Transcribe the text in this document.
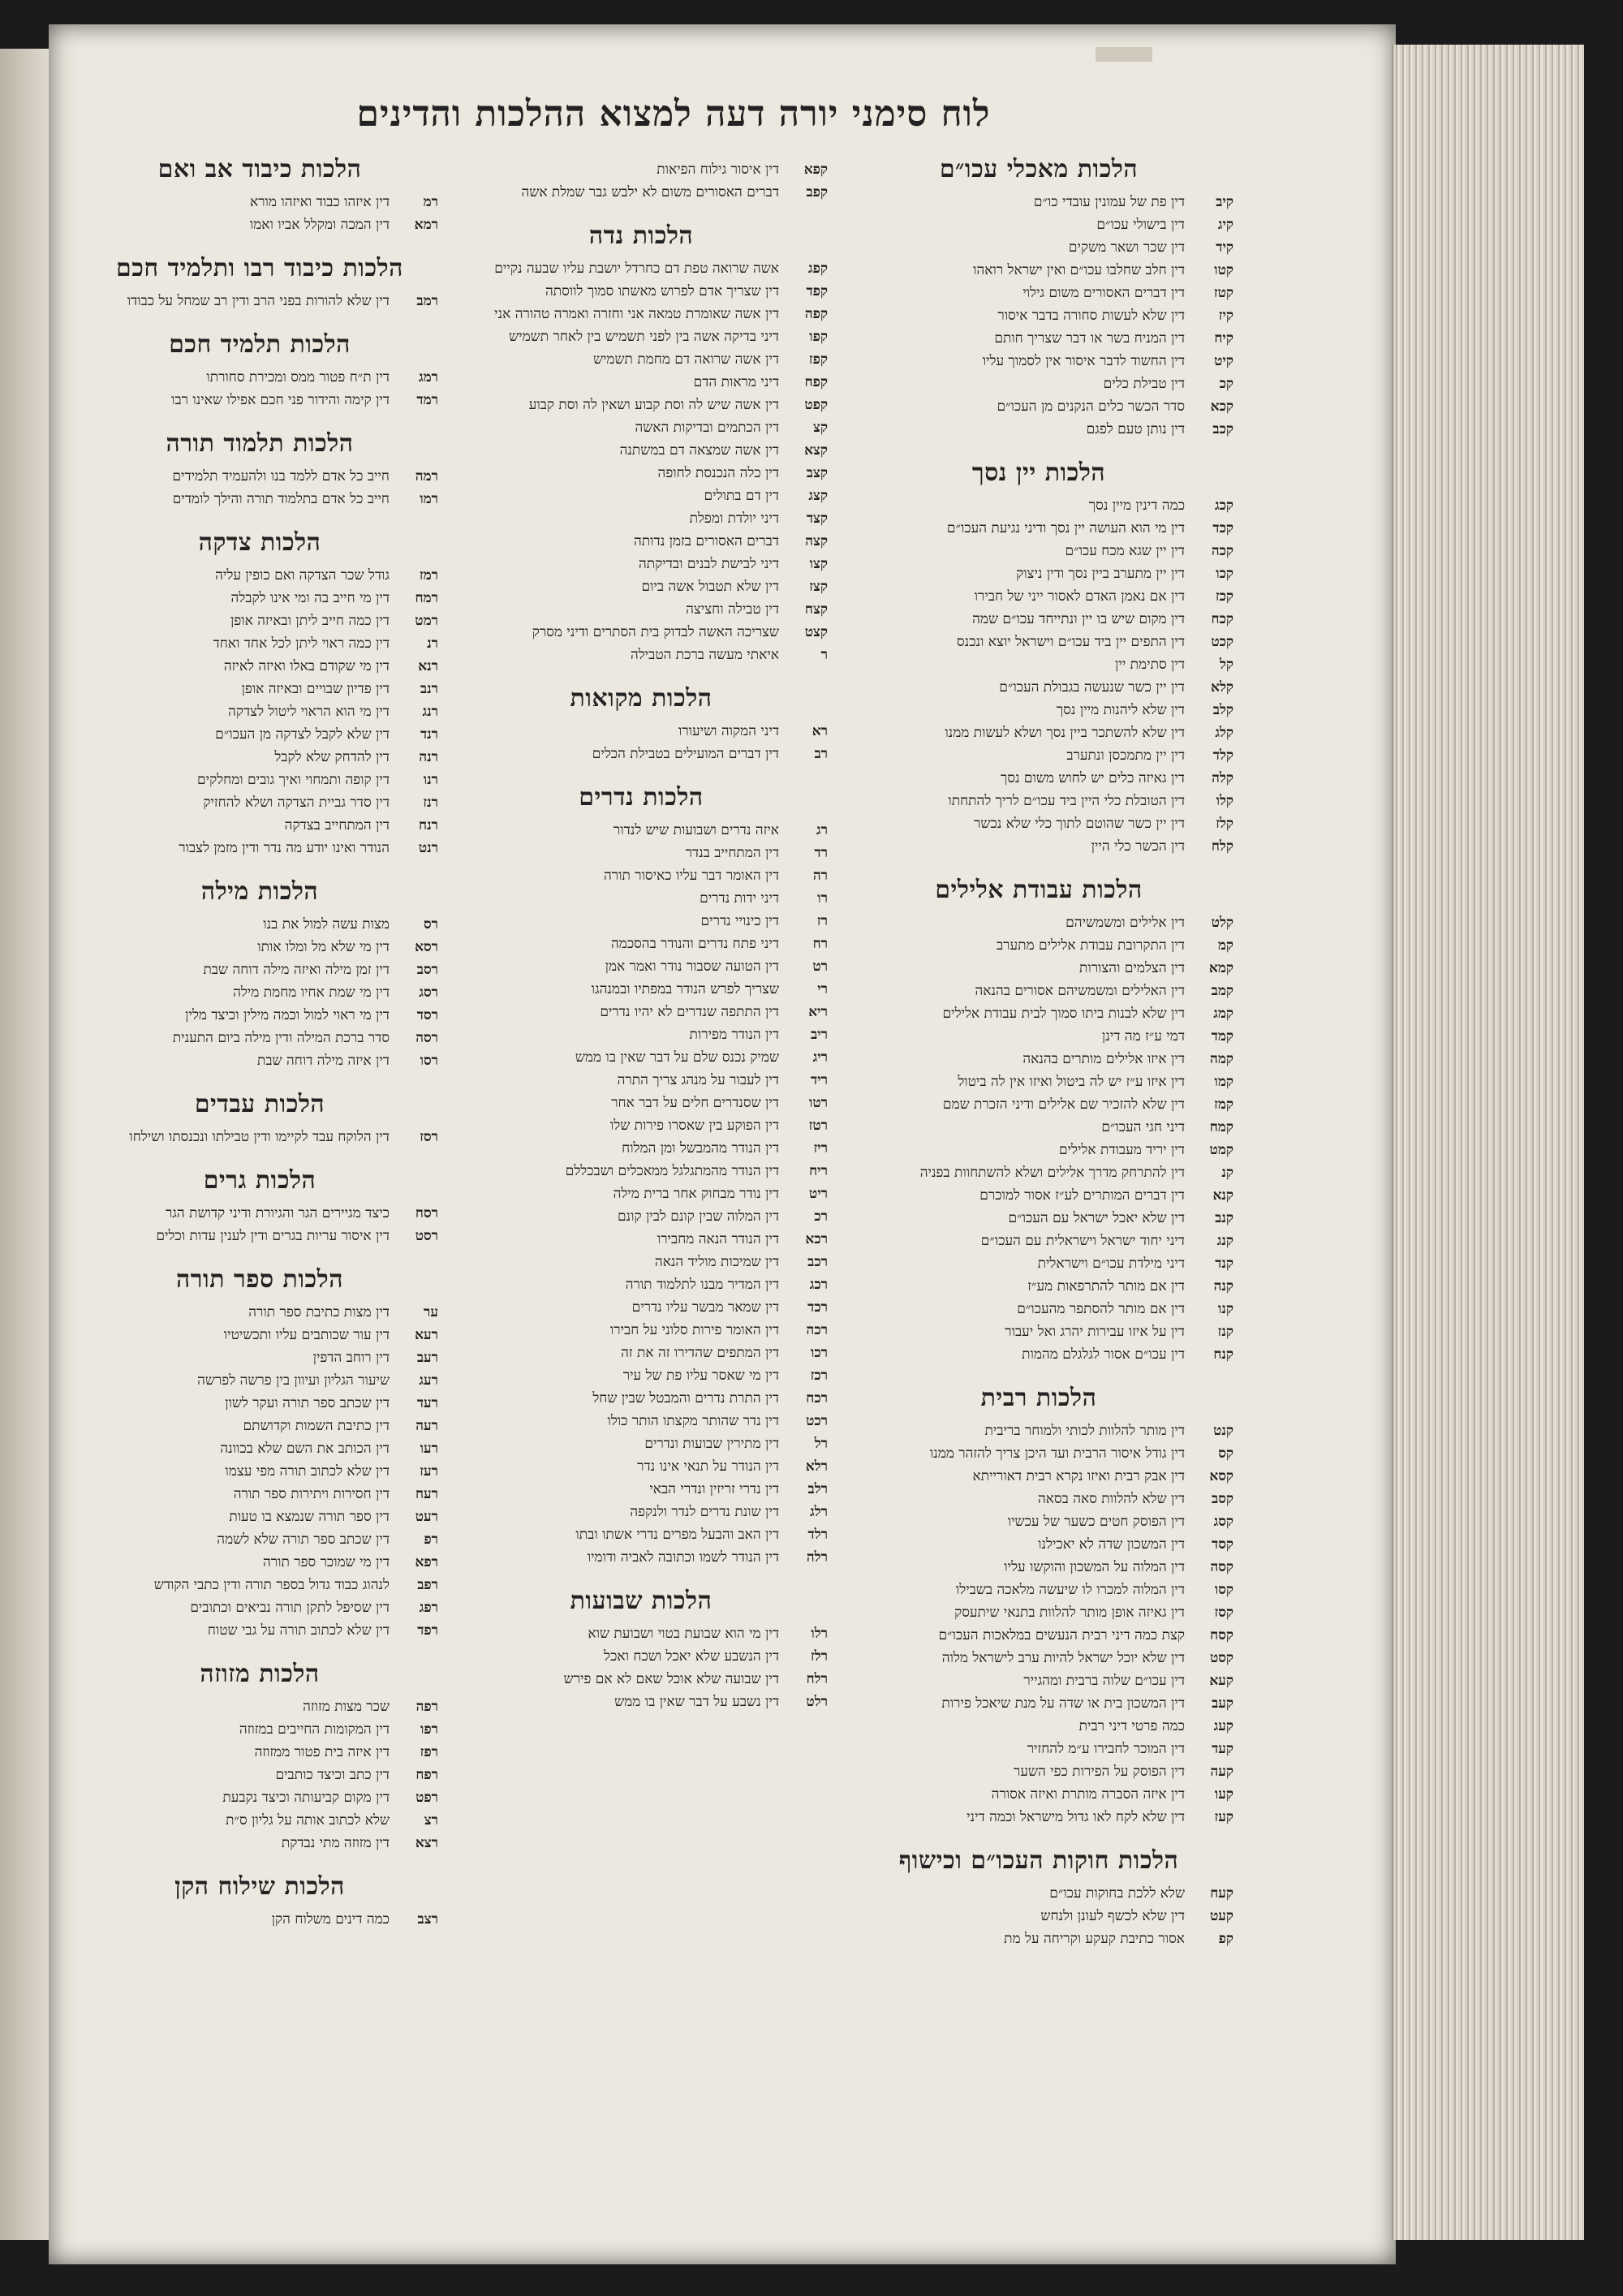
לוח סימני יורה דעה למצוא ההלכות והדינים
הלכות מאכלי עכו״ם
קיב
דין פת של עמונין עובדי כו״ם
קיג
דין בישולי עכו״ם
קיד
דין שכר ושאר משקים
קטו
דין חלב שחלבו עכו״ם ואין ישראל רואהו
קטז
דין דברים האסורים משום גילוי
קיז
דין שלא לעשות סחורה בדבר איסור
קיח
דין המניח בשר או דבר שצריך חותם
קיט
דין החשוד לדבר איסור אין לסמוך עליו
קכ
דין טבילת כלים
קכא
סדר הכשר כלים הנקנים מן העכו״ם
קכב
דין נותן טעם לפגם
הלכות יין נסך
קכג
כמה דינין מיין נסך
קכד
דין מי הוא העושה יין נסך ודיני נגיעת העכו״ם
קכה
דין יין שגא מכח עכו״ם
קכו
דין יין מתערב ביין נסך ודין ניצוק
קכז
דין אם נאמן האדם לאסור ייני של חבירו
קכח
דין מקום שיש בו יין ונתייחד עכו״ם שמה
קכט
דין התפים יין ביד עכו״ם וישראל יוצא ונכנס
קל
דין סתימת יין
קלא
דין יין כשר שנעשה בגבולת העכו״ם
קלב
דין שלא ליהנות מיין נסך
קלג
דין שלא להשתכר ביין נסך ושלא לעשות ממנו
קלד
דין יין מתמכסן ונתערב
קלה
דין גאיזה כלים יש לחוש משום נסך
קלו
דין הטובלת כלי היין ביד עכו״ם לריך להתחתו
קלז
דין יין כשר שהוטם לתוך כלי שלא נכשר
קלח
דין הכשר כלי היין
הלכות עבודת אלילים
קלט
דין אלילים ומשמשיהם
קמ
דין התקרובת עבודת אלילים מתערב
קמא
דין הצלמים והצורות
קמב
דין האלילים ומשמשיהם אסורים בהנאה
קמג
דין שלא לבנות ביתו סמוך לבית עבודת אלילים
קמד
דמי ע״ז מה דינן
קמה
דין איזו אלילים מותרים בהנאה
קמו
דין איזו ע״ז יש לה ביטול ואיזו אין לה ביטול
קמז
דין שלא להזכיר שם אלילים ודיני הזכרת שמם
קמח
דיני חגי העכו״ם
קמט
דין יריד מעבודת אלילים
קנ
דין להתרחק מדרך אלילים ושלא להשתחוות בפניה
קנא
דין דברים המותרים לע״ז אסור למוכרם
קנב
דין שלא יאכל ישראל עם העכו״ם
קנג
דיני יחוד ישראל וישראלית עם העכו״ם
קנד
דיני מילדת עכו״ם וישראלית
קנה
דין אם מותר להתרפאות מע״ז
קנו
דין אם מותר להסתפר מהעכו״ם
קנז
דין על איזו עבירות יהרג ואל יעבור
קנח
דין עכו״ם אסור לגלגלם מהמות
הלכות רבית
קנט
דין מותר להלוות לכותי ולמוחר בריבית
קס
דין גודל איסור הרבית ועד היכן צריך להזהר ממנו
קסא
דין אבק רבית ואיזו נקרא רבית דאורייתא
קסב
דין שלא להלוות סאה בסאה
קסג
דין הפוסק חטים כשער של עכשיו
קסד
דין המשכון שדה לא יאכילנו
קסה
דין המלוה על המשכון והוקשו עליו
קסו
דין המלוה למכרו לו שיעשה מלאכה בשבילו
קסז
דין גאיזה אופן מותר להלוות בתנאי שיתעסק
קסח
קצת כמה דיני רבית הנעשים במלאכות העכו״ם
קסט
דין שלא יוכל ישראל להיות ערב לישראל מלוה
קעא
דין עכו״ם שלוה ברבית ומהגייר
קעב
דין המשכון בית או שדה על מנת שיאכל פירות
קעג
כמה פרטי דיני רבית
קעד
דין המוכר לחבירו ע״מ להחזיר
קעה
דין הפוסק על הפירות כפי השער
קעו
דין איזה הסברה מותרת ואיזה אסורה
קעז
דין שלא לקח לאו גדול מישראל וכמה דיני
הלכות חוקות העכו״ם וכישוף
קעח
שלא ללכת בחוקות עכו״ם
קעט
דין שלא לכשף לעונן ולנחש
קפ
אסור כתיבת קעקע וקריחה על מת
קפא
דין איסור גילוח הפיאות
קפב
דברים האסורים משום לא ילבש גבר שמלת אשה
הלכות נדה
קפג
אשה שרואה טפת דם כחרדל יושבת עליו שבעה נקיים
קפד
דין שצריך אדם לפרוש מאשתו סמוך לווסתה
קפה
דין אשה שאומרת טמאה אני וחזרה ואמרה טהורה אני
קפו
דיני בדיקה אשה בין לפני תשמיש בין לאחר תשמיש
קפז
דין אשה שרואה דם מחמת תשמיש
קפח
דיני מראות הדם
קפט
דין אשה שיש לה וסת קבוע ושאין לה וסת קבוע
קצ
דין הכתמים ובדיקות האשה
קצא
דין אשה שמצאה דם במשתנה
קצב
דין כלה הנכנסת לחופה
קצג
דין דם בתולים
קצד
דיני יולדת ומפלת
קצה
דברים האסורים בזמן נדותה
קצו
דיני לבישת לבנים ובדיקתה
קצז
דין שלא תטבול אשה ביום
קצח
דין טבילה וחציצה
קצט
שצריכה האשה לבדוק בית הסתרים ודיני מסרק
ר
איאתי מעשה ברכת הטבילה
הלכות מקואות
רא
דיני המקוה ושיעורו
רב
דין דברים המועילים בטבילת הכלים
הלכות נדרים
רג
איזה נדרים ושבועות שיש לנדור
רד
דין המתחייב בנדר
רה
דין האומר דבר עליו כאיסור תורה
רו
דיני ידות נדרים
רז
דין כינויי נדרים
רח
דיני פתח נדרים והנודר בהסכמה
רט
דין הטועה שסבור נודר ואמר אמן
רי
שצריך לפרש הנודר במפתיו ובמנהגו
ריא
דין התתפה שנדרים לא יהיו נדרים
ריב
דין הנודר מפירות
ריג
שמיק נכנס שלם על דבר שאין בו ממש
ריד
דין לעבור על מנהג צריך התרה
רטו
דין שסנדרים חלים על דבר אחר
רטז
דין הפוקע בין שאסרו פירות שלו
ריז
דין הנודר מהמבשל ומן המלוח
ריח
דין הנודר מהמתגלגל ממאכלים ושבכללם
ריט
דין נודר מבחוק אחר ברית מילה
רכ
דין המלוה שבין קונם לבין קונם
רכא
דין הנודר הנאה מחבירו
רכב
דין שמיכות מוליד הנאה
רכג
דין המדיר מבנו לתלמוד תורה
רכד
דין שמאר מבשר עליו נדרים
רכה
דין האומר פירות סלוני על חבירו
רכו
דין המתפים שהדירו זה את זה
רכז
דין מי שאסר עליו פת של עיר
רכח
דין התרת נדרים והמבטל שבין שחל
רכט
דין נדר שהותר מקצתו הותר כולו
רל
דין מתירין שבועות ונדרים
רלא
דין הנודר על תנאי אינו נדר
רלב
דין נדרי זריזין ונדרי הבאי
רלג
דין שונת נדרים לנדר ולנקפה
רלד
דין האב והבעל מפרים נדרי אשתו ובתו
רלה
דין הנודר לשמו וכתובה לאביה ודומיו
הלכות שבועות
רלו
דין מי הוא שבועת בטוי ושבועת שוא
רלז
דין הנשבע שלא יאכל ושכח ואכל
רלח
דין שבועה שלא אוכל שאם לא אם פירש
רלט
דין נשבע על דבר שאין בו ממש
הלכות כיבוד אב ואם
רמ
דין איזהו כבוד ואיזהו מורא
רמא
דין המכה ומקלל אביו ואמו
הלכות כיבוד רבו ותלמיד חכם
רמב
דין שלא להורות בפני הרב ודין רב שמחל על כבודו
הלכות תלמיד חכם
רמג
דין ת״ח פטור ממס ומכירת סחורתו
רמד
דין קימה והידור פני חכם אפילו שאינו רבו
הלכות תלמוד תורה
רמה
חייב כל אדם ללמד בנו ולהעמיד תלמידים
רמו
חייב כל אדם בתלמוד תורה והילך לומדים
הלכות צדקה
רמז
גודל שכר הצדקה ואם כופין עליה
רמח
דין מי חייב בה ומי אינו לקבלה
רמט
דין כמה חייב ליתן ובאיזה אופן
רנ
דין כמה ראוי ליתן לכל אחד ואחד
רנא
דין מי שקודם באלו ואיזה לאיזה
רנב
דין פדיון שבויים ובאיזה אופן
רנג
דין מי הוא הראוי ליטול לצדקה
רנד
דין שלא לקבל לצדקה מן העכו״ם
רנה
דין להדחק שלא לקבל
רנו
דין קופה ותמחוי ואיך גובים ומחלקים
רנז
דין סדר גביית הצדקה ושלא להחזיק
רנח
דין המתחייב בצדקה
רנט
הנודר ואינו יודע מה נדר ודין מזמן לצבור
הלכות מילה
רס
מצות עשה למול את בנו
רסא
דין מי שלא מל ומלו אותו
רסב
דין זמן מילה ואיזה מילה דוחה שבת
רסג
דין מי שמת אחיו מחמת מילה
רסד
דין מי ראוי למול וכמה מילין וכיצד מלין
רסה
סדר ברכת המילה ודין מילה ביום התענית
רסו
דין איזה מילה דוחה שבת
הלכות עבדים
רסז
דין הלוקח עבד לקיימו ודין טבילתו ונכנסתו ושילחו
הלכות גרים
רסח
כיצד מגיירים הגר והגיורת ודיני קדושת הגר
רסט
דין איסור עריות בגרים ודין לענין עדות וכלים
הלכות ספר תורה
ער
דין מצות כתיבת ספר תורה
רעא
דין עור שכותבים עליו ותכשיטיו
רעב
דין רוחב הדפין
רעג
שיעור הגליון ועיוון בין פרשה לפרשה
רעד
דין שכתב ספר תורה ועקר לשון
רעה
דין כתיבת השמות וקדושתם
רעו
דין הכותב את השם שלא בכוונה
רעז
דין שלא לכתוב תורה מפי עצמו
רעח
דין חסירות ויתירות ספר תורה
רעט
דין ספר תורה שנמצא בו טעות
רפ
דין שכתב ספר תורה שלא לשמה
רפא
דין מי שמוכר ספר תורה
רפב
לנהוג כבוד גדול בספר תורה ודין כתבי הקודש
רפג
דין שסיפל לתקן תורה נביאים וכתובים
רפד
דין שלא לכתוב תורה על גבי שטוח
הלכות מזוזה
רפה
שכר מצות מזוזה
רפו
דין המקומות החייבים במזוזה
רפז
דין איזה בית פטור ממזוזה
רפח
דין כתב וכיצד כותבים
רפט
דין מקום קביעותה וכיצד נקבעת
רצ
שלא לכתוב אותה על גליון ס״ת
רצא
דין מזוזה מתי נבדקת
הלכות שילוח הקן
רצב
כמה דינים משלוח הקן
